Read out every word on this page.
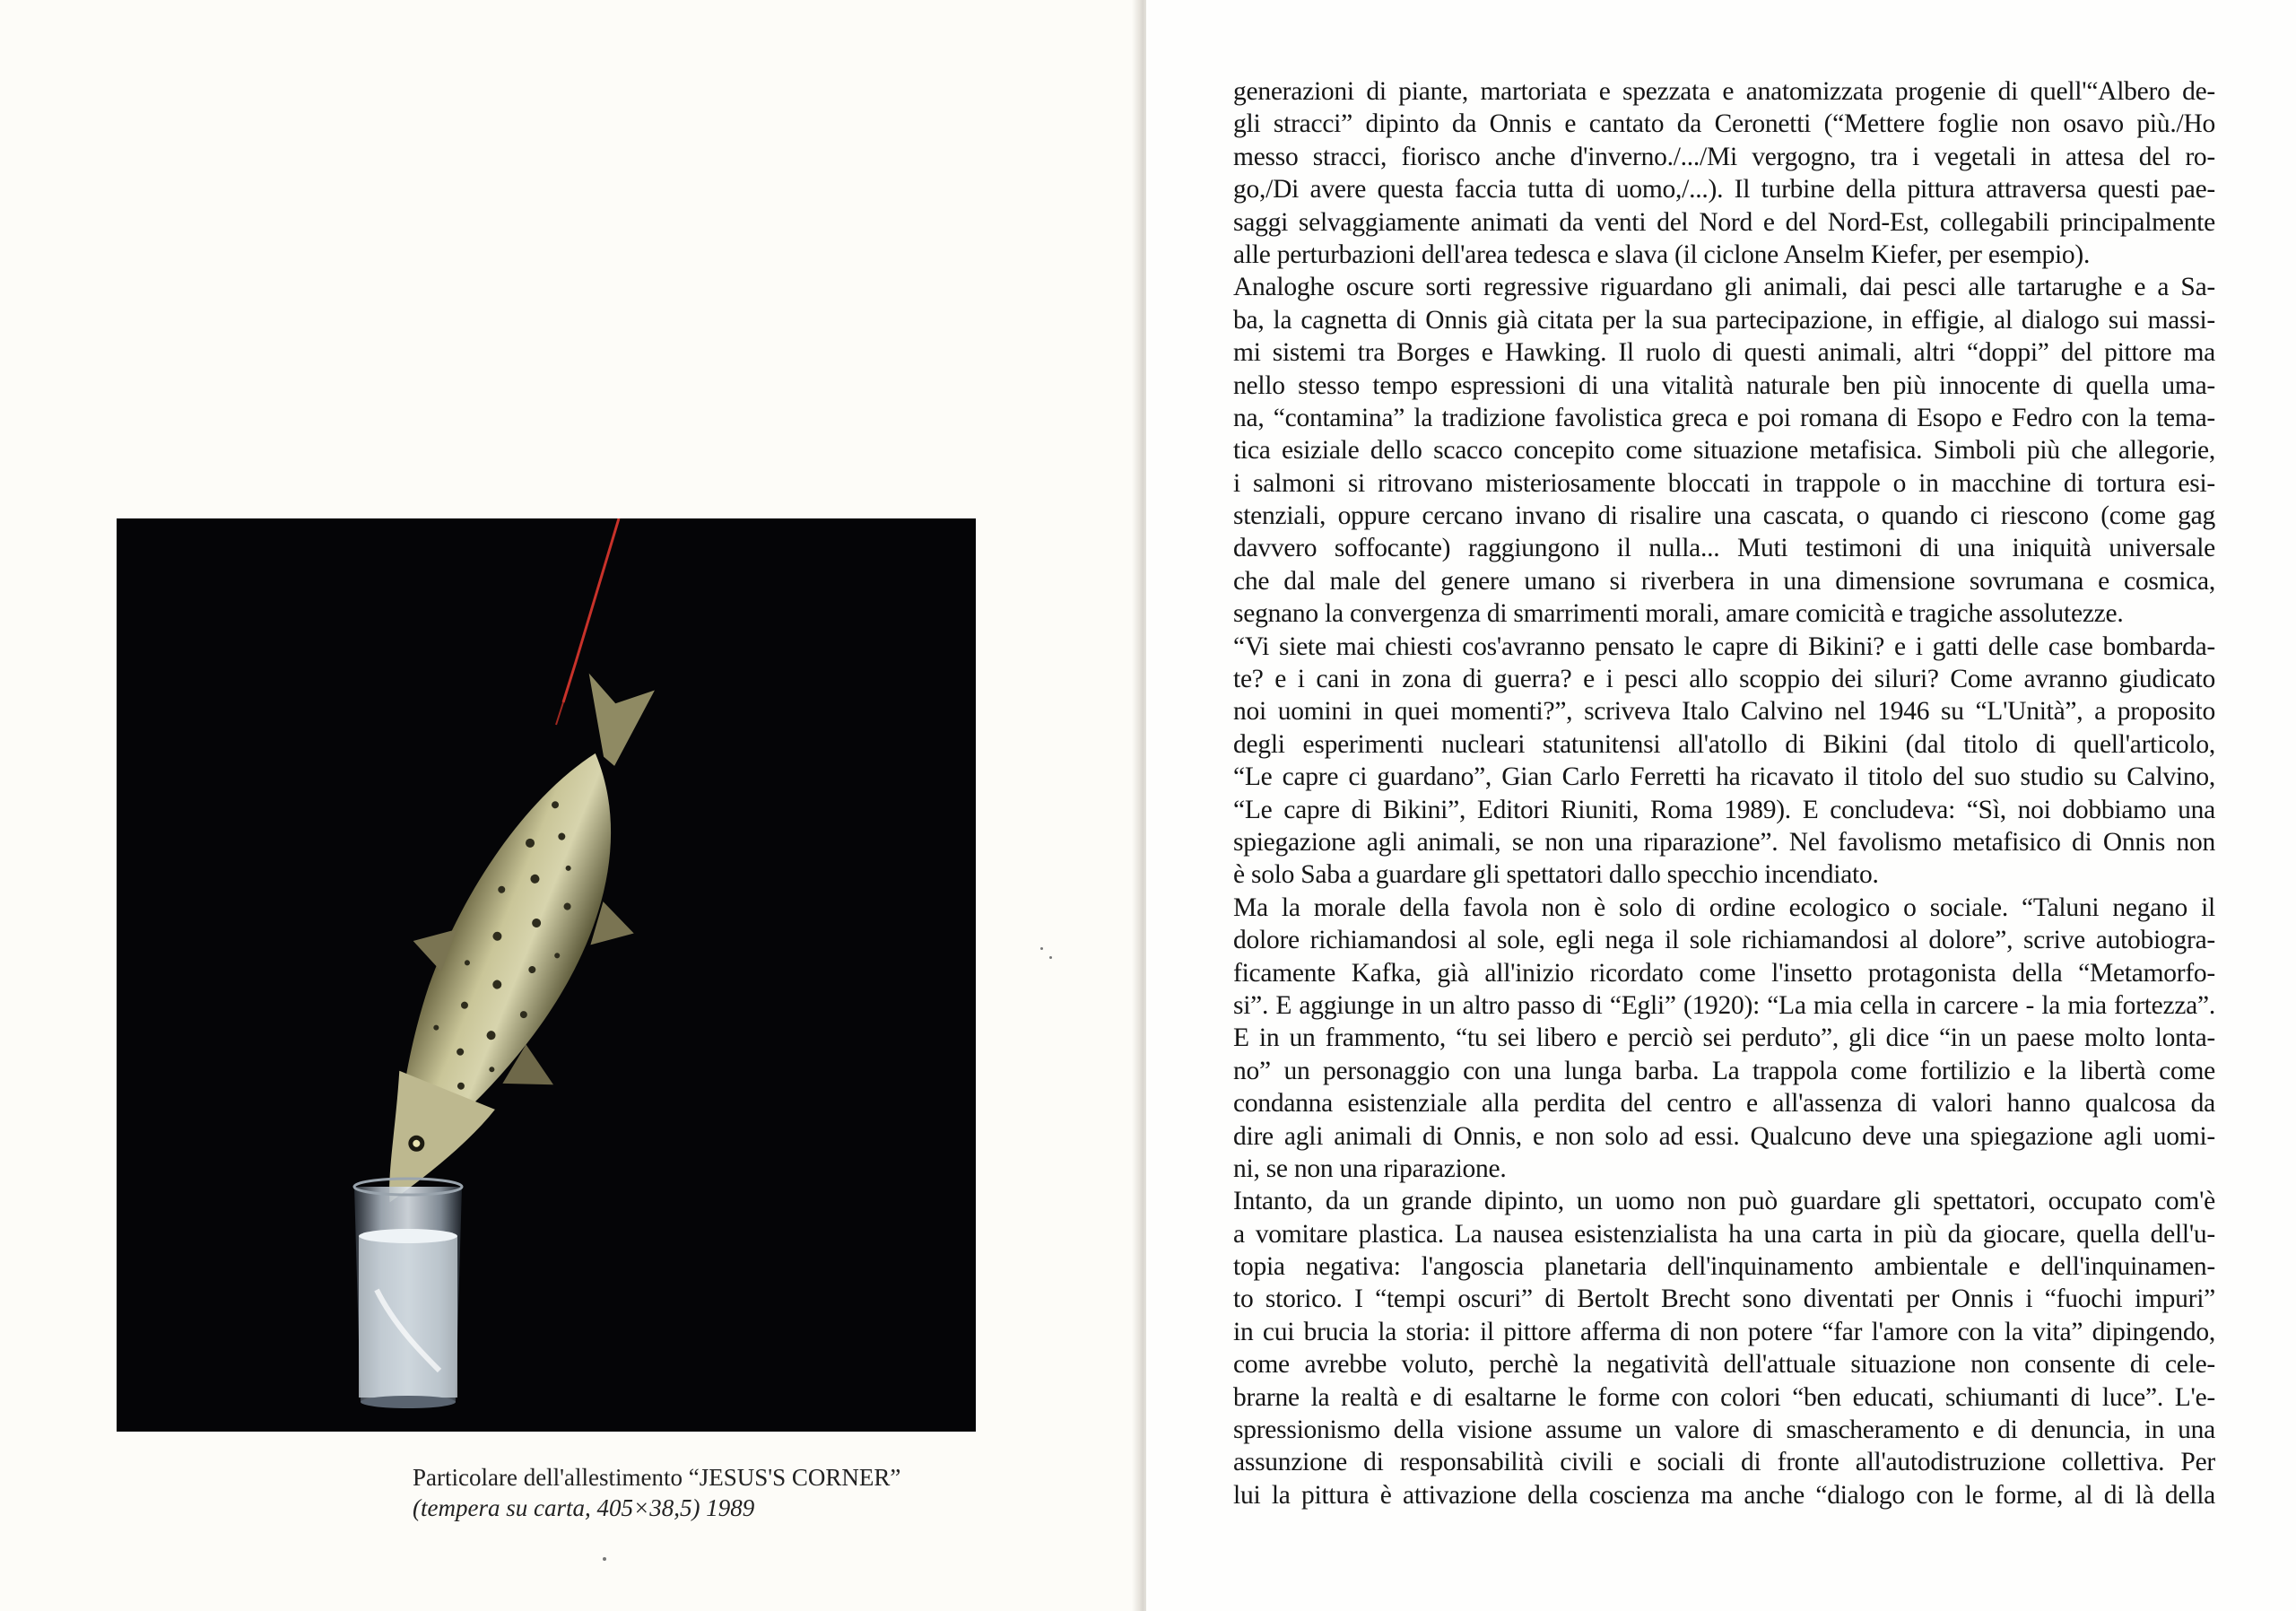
Particolare dell'allestimento “JESUS'S CORNER”
(tempera su carta, 405×38,5) 1989
generazioni di piante, martoriata e spezzata e anatomizzata progenie di quell'“Albero de-
gli stracci” dipinto da Onnis e cantato da Ceronetti (“Mettere foglie non osavo più./Ho
messo stracci, fiorisco anche d'inverno./.../Mi vergogno, tra i vegetali in attesa del ro-
go,/Di avere questa faccia tutta di uomo,/...). Il turbine della pittura attraversa questi pae-
saggi selvaggiamente animati da venti del Nord e del Nord-Est, collegabili principalmente
alle perturbazioni dell'area tedesca e slava (il ciclone Anselm Kiefer, per esempio).
Analoghe oscure sorti regressive riguardano gli animali, dai pesci alle tartarughe e a Sa-
ba, la cagnetta di Onnis già citata per la sua partecipazione, in effigie, al dialogo sui massi-
mi sistemi tra Borges e Hawking. Il ruolo di questi animali, altri “doppi” del pittore ma
nello stesso tempo espressioni di una vitalità naturale ben più innocente di quella uma-
na, “contamina” la tradizione favolistica greca e poi romana di Esopo e Fedro con la tema-
tica esiziale dello scacco concepito come situazione metafisica. Simboli più che allegorie,
i salmoni si ritrovano misteriosamente bloccati in trappole o in macchine di tortura esi-
stenziali, oppure cercano invano di risalire una cascata, o quando ci riescono (come gag
davvero soffocante) raggiungono il nulla... Muti testimoni di una iniquità universale
che dal male del genere umano si riverbera in una dimensione sovrumana e cosmica,
segnano la convergenza di smarrimenti morali, amare comicità e tragiche assolutezze.
“Vi siete mai chiesti cos'avranno pensato le capre di Bikini? e i gatti delle case bombarda-
te? e i cani in zona di guerra? e i pesci allo scoppio dei siluri? Come avranno giudicato
noi uomini in quei momenti?”, scriveva Italo Calvino nel 1946 su “L'Unità”, a proposito
degli esperimenti nucleari statunitensi all'atollo di Bikini (dal titolo di quell'articolo,
“Le capre ci guardano”, Gian Carlo Ferretti ha ricavato il titolo del suo studio su Calvino,
“Le capre di Bikini”, Editori Riuniti, Roma 1989). E concludeva: “Sì, noi dobbiamo una
spiegazione agli animali, se non una riparazione”. Nel favolismo metafisico di Onnis non
è solo Saba a guardare gli spettatori dallo specchio incendiato.
Ma la morale della favola non è solo di ordine ecologico o sociale. “Taluni negano il
dolore richiamandosi al sole, egli nega il sole richiamandosi al dolore”, scrive autobiogra-
ficamente Kafka, già all'inizio ricordato come l'insetto protagonista della “Metamorfo-
si”. E aggiunge in un altro passo di “Egli” (1920): “La mia cella in carcere - la mia fortezza”.
E in un frammento, “tu sei libero e perciò sei perduto”, gli dice “in un paese molto lonta-
no” un personaggio con una lunga barba. La trappola come fortilizio e la libertà come
condanna esistenziale alla perdita del centro e all'assenza di valori hanno qualcosa da
dire agli animali di Onnis, e non solo ad essi. Qualcuno deve una spiegazione agli uomi-
ni, se non una riparazione.
Intanto, da un grande dipinto, un uomo non può guardare gli spettatori, occupato com'è
a vomitare plastica. La nausea esistenzialista ha una carta in più da giocare, quella dell'u-
topia negativa: l'angoscia planetaria dell'inquinamento ambientale e dell'inquinamen-
to storico. I “tempi oscuri” di Bertolt Brecht sono diventati per Onnis i “fuochi impuri”
in cui brucia la storia: il pittore afferma di non potere “far l'amore con la vita” dipingendo,
come avrebbe voluto, perchè la negatività dell'attuale situazione non consente di cele-
brarne la realtà e di esaltarne le forme con colori “ben educati, schiumanti di luce”. L'e-
spressionismo della visione assume un valore di smascheramento e di denuncia, in una
assunzione di responsabilità civili e sociali di fronte all'autodistruzione collettiva. Per
lui la pittura è attivazione della coscienza ma anche “dialogo con le forme, al di là della
